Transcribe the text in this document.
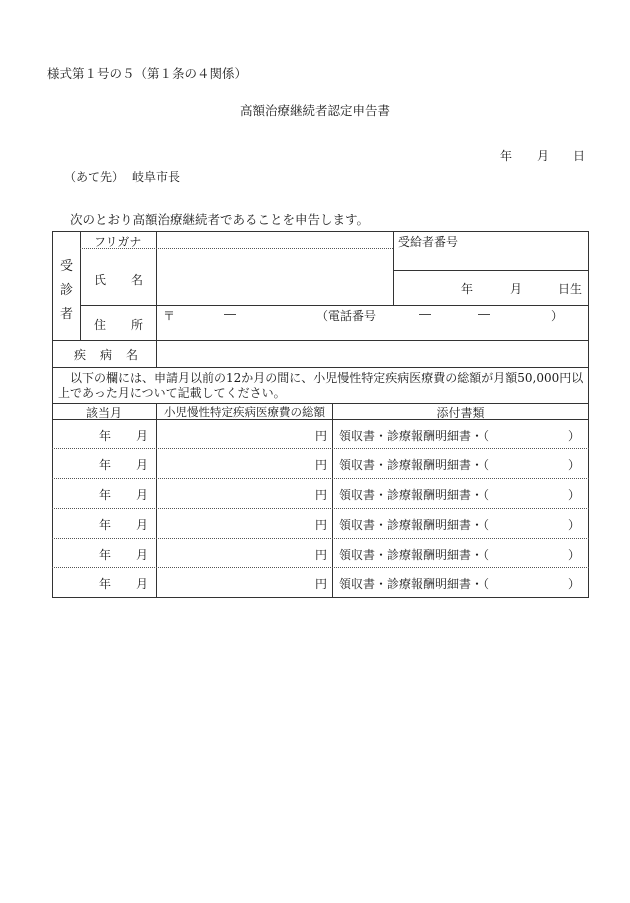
様式第１号の５（第１条の４関係）
高額治療継続者認定申告書
年 月 日
（あて先） 岐阜市長
次のとおり高額治療継続者であることを申告します。
受
診
者
フリガナ
氏 名
受給者番号
年	月	日生
住 所
〒	―	（電話番号	―	―	）
疾 病 名
以下の欄には、申請月以前の12か月の間に、小児慢性特定疾病医療費の総額が月額50,000円以
上であった月について記載してください。
該当月	小児慢性特定疾病医療費の総額	添付書類
年 月	円 領収書・診療報酬明細書・（	）
年 月	円 領収書・診療報酬明細書・（	）
年 月	円 領収書・診療報酬明細書・（	）
年 月	円 領収書・診療報酬明細書・（	）
年 月	円 領収書・診療報酬明細書・（	）
年 月	円 領収書・診療報酬明細書・（	）
